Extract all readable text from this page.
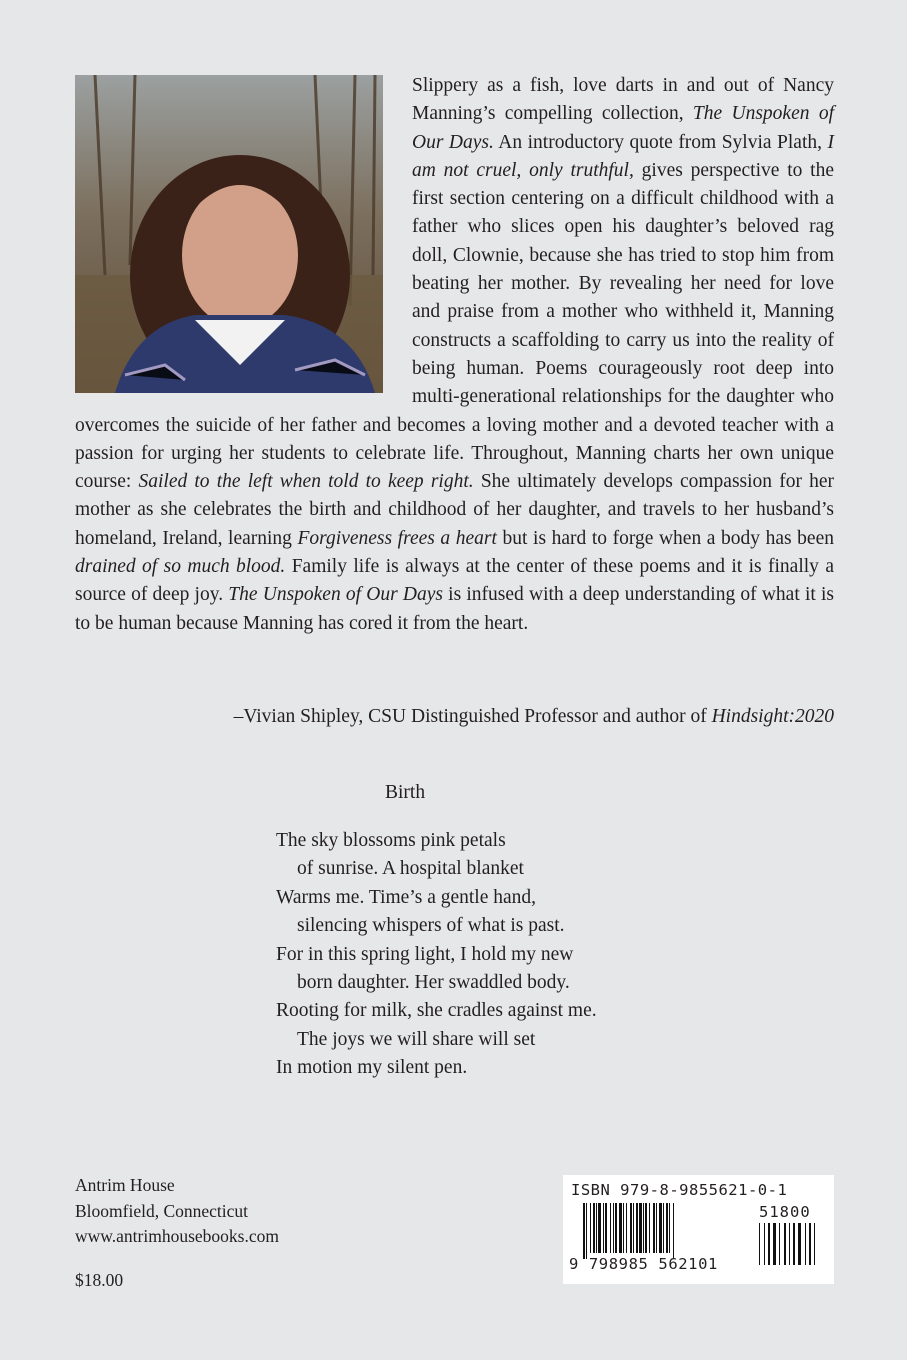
Slippery as a fish, love darts in and out of Nancy Manning’s compelling collection, The Unspoken of Our Days. An introductory quote from Sylvia Plath, I am not cruel, only truthful, gives perspective to the first section centering on a difficult childhood with a father who slices open his daughter’s beloved rag doll, Clownie, because she has tried to stop him from beating her mother. By revealing her need for love and praise from a mother who withheld it, Manning constructs a scaffolding to carry us into the reality of being human. Poems courageously root deep into multi-generational relationships for the daughter who overcomes the suicide of her father and becomes a loving mother and a devoted teacher with a passion for urging her students to celebrate life. Throughout, Manning charts her own unique course: Sailed to the left when told to keep right. She ultimately develops compassion for her mother as she celebrates the birth and childhood of her daughter, and travels to her husband’s homeland, Ireland, learning Forgiveness frees a heart but is hard to forge when a body has been drained of so much blood. Family life is always at the center of these poems and it is finally a source of deep joy. The Unspoken of Our Days is infused with a deep understanding of what it is to be human because Manning has cored it from the heart.

–Vivian Shipley, CSU Distinguished Professor and author of Hindsight:2020
Birth
The sky blossoms pink petals
of sunrise. A hospital blanket
Warms me. Time’s a gentle hand,
silencing whispers of what is past.
For in this spring light, I hold my new
born daughter. Her swaddled body.
Rooting for milk, she cradles against me.
The joys we will share will set
In motion my silent pen.
Antrim House
Bloomfield, Connecticut
www.antrimhousebooks.com
$18.00
ISBN 979-8-9855621-0-1
51800
9 798985 562101
